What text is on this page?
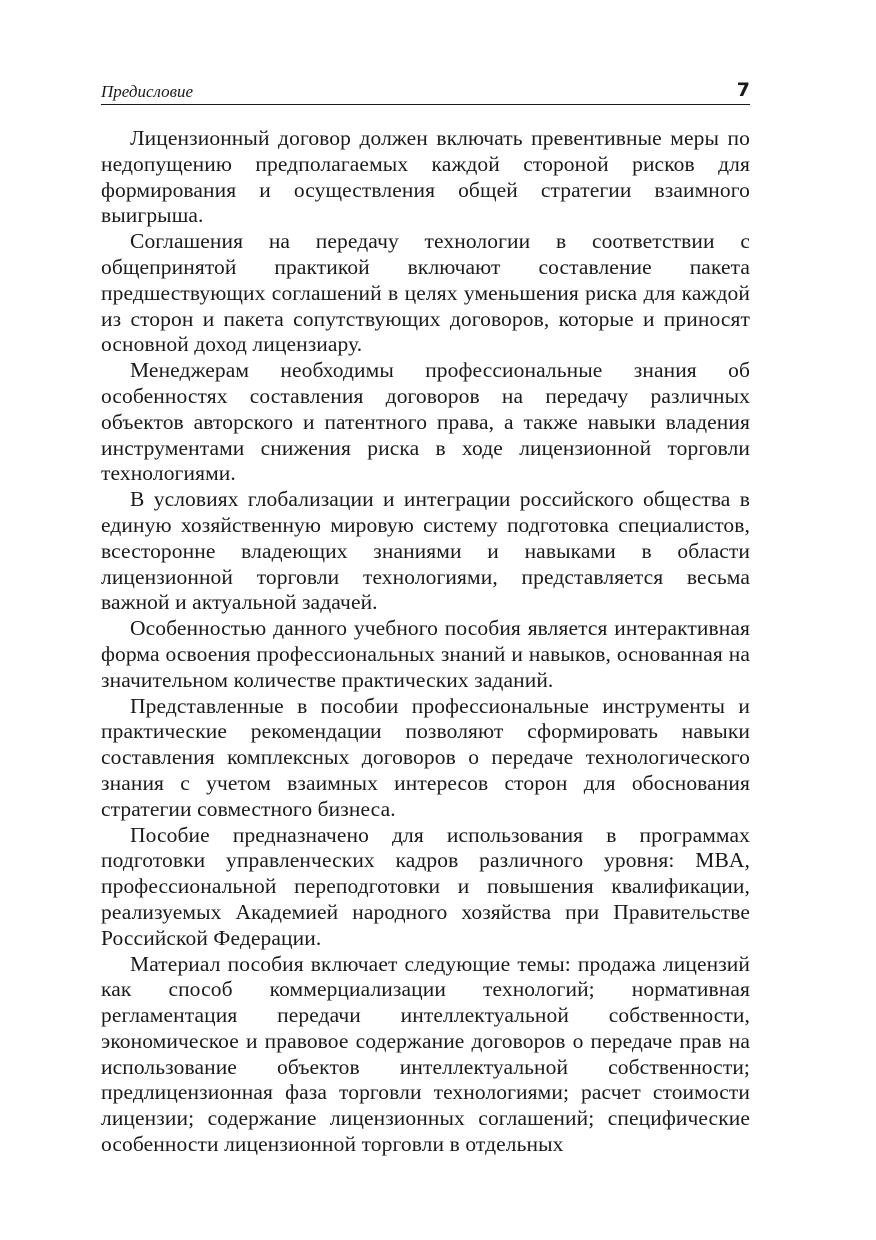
Предисловие	7

Лицензионный договор должен включать превентивные меры по недопущению предполагаемых каждой стороной рисков для формирования и осуществления общей стратегии взаимного выигрыша.

Соглашения на передачу технологии в соответствии с общепринятой практикой включают составление пакета предшествующих соглашений в целях уменьшения риска для каждой из сторон и пакета сопутствующих договоров, которые и приносят основной доход лицензиару.

Менеджерам необходимы профессиональные знания об особенностях составления договоров на передачу различных объектов авторского и патентного права, а также навыки владения инструментами снижения риска в ходе лицензионной торговли технологиями.

В условиях глобализации и интеграции российского общества в единую хозяйственную мировую систему подготовка специалистов, всесторонне владеющих знаниями и навыками в области лицензионной торговли технологиями, представляется весьма важной и актуальной задачей.

Особенностью данного учебного пособия является интерактивная форма освоения профессиональных знаний и навыков, основанная на значительном количестве практических заданий.

Представленные в пособии профессиональные инструменты и практические рекомендации позволяют сформировать навыки составления комплексных договоров о передаче технологического знания с учетом взаимных интересов сторон для обоснования стратегии совместного бизнеса.

Пособие предназначено для использования в программах подготовки управленческих кадров различного уровня: MBA, профессиональной переподготовки и повышения квалификации, реализуемых Академией народного хозяйства при Правительстве Российской Федерации.

Материал пособия включает следующие темы: продажа лицензий как способ коммерциализации технологий; нормативная регламентация передачи интеллектуальной собственности, экономическое и правовое содержание договоров о передаче прав на использование объектов интеллектуальной собственности; предлицензионная фаза торговли технологиями; расчет стоимости лицензии; содержание лицензионных соглашений; специфические особенности лицензионной торговли в отдельных
